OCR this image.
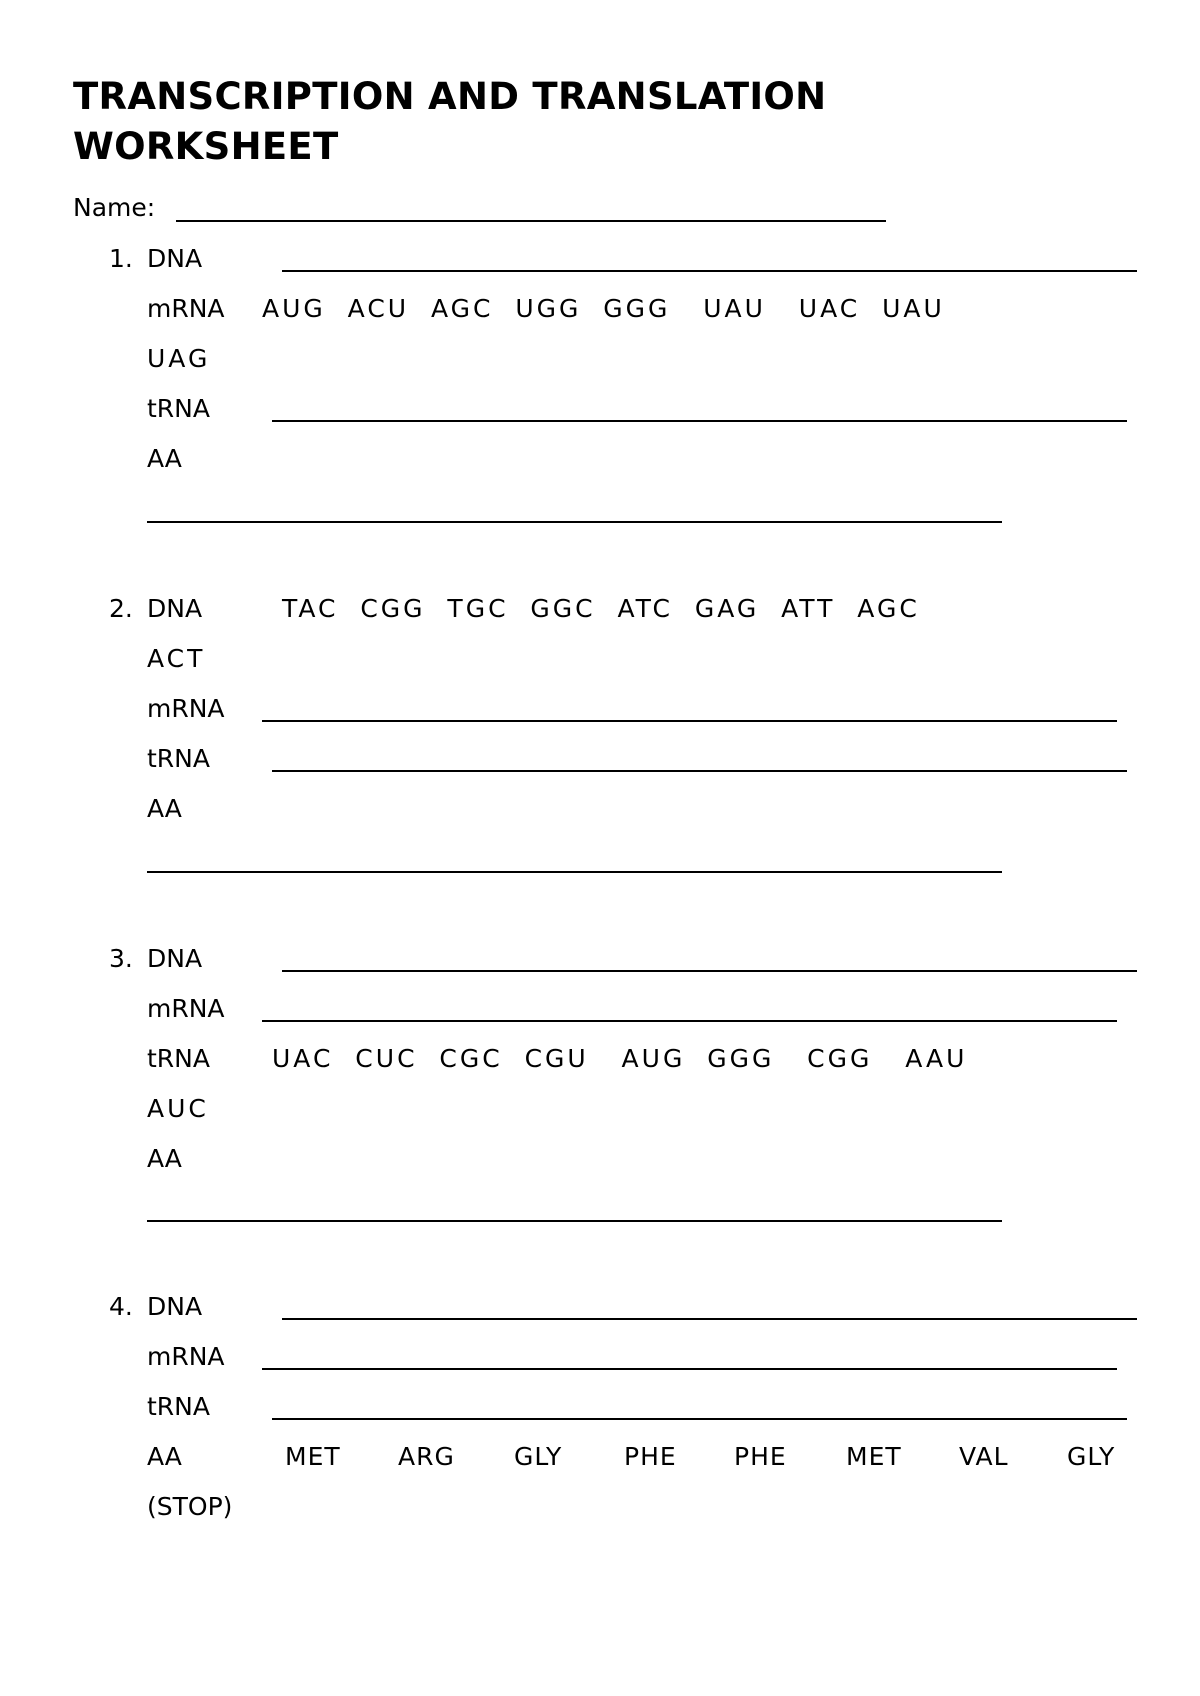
TRANSCRIPTION AND TRANSLATION WORKSHEET
Name:
1. DNA
mRNA AUG  ACU  AGC  UGG  GGG   UAU   UAC  UAU
UAG
tRNA
AA
2. DNA	TAC  CGG  TGC  GGC  ATC  GAG  ATT  AGC
ACT
mRNA
tRNA
AA
3. DNA
mRNA
tRNA UAC  CUC  CGC  CGU   AUG  GGG   CGG   AAU
AUC
AA
4. DNA
mRNA
tRNA
AA	MET ARG GLY PHE PHE MET VAL GLY
(STOP)
